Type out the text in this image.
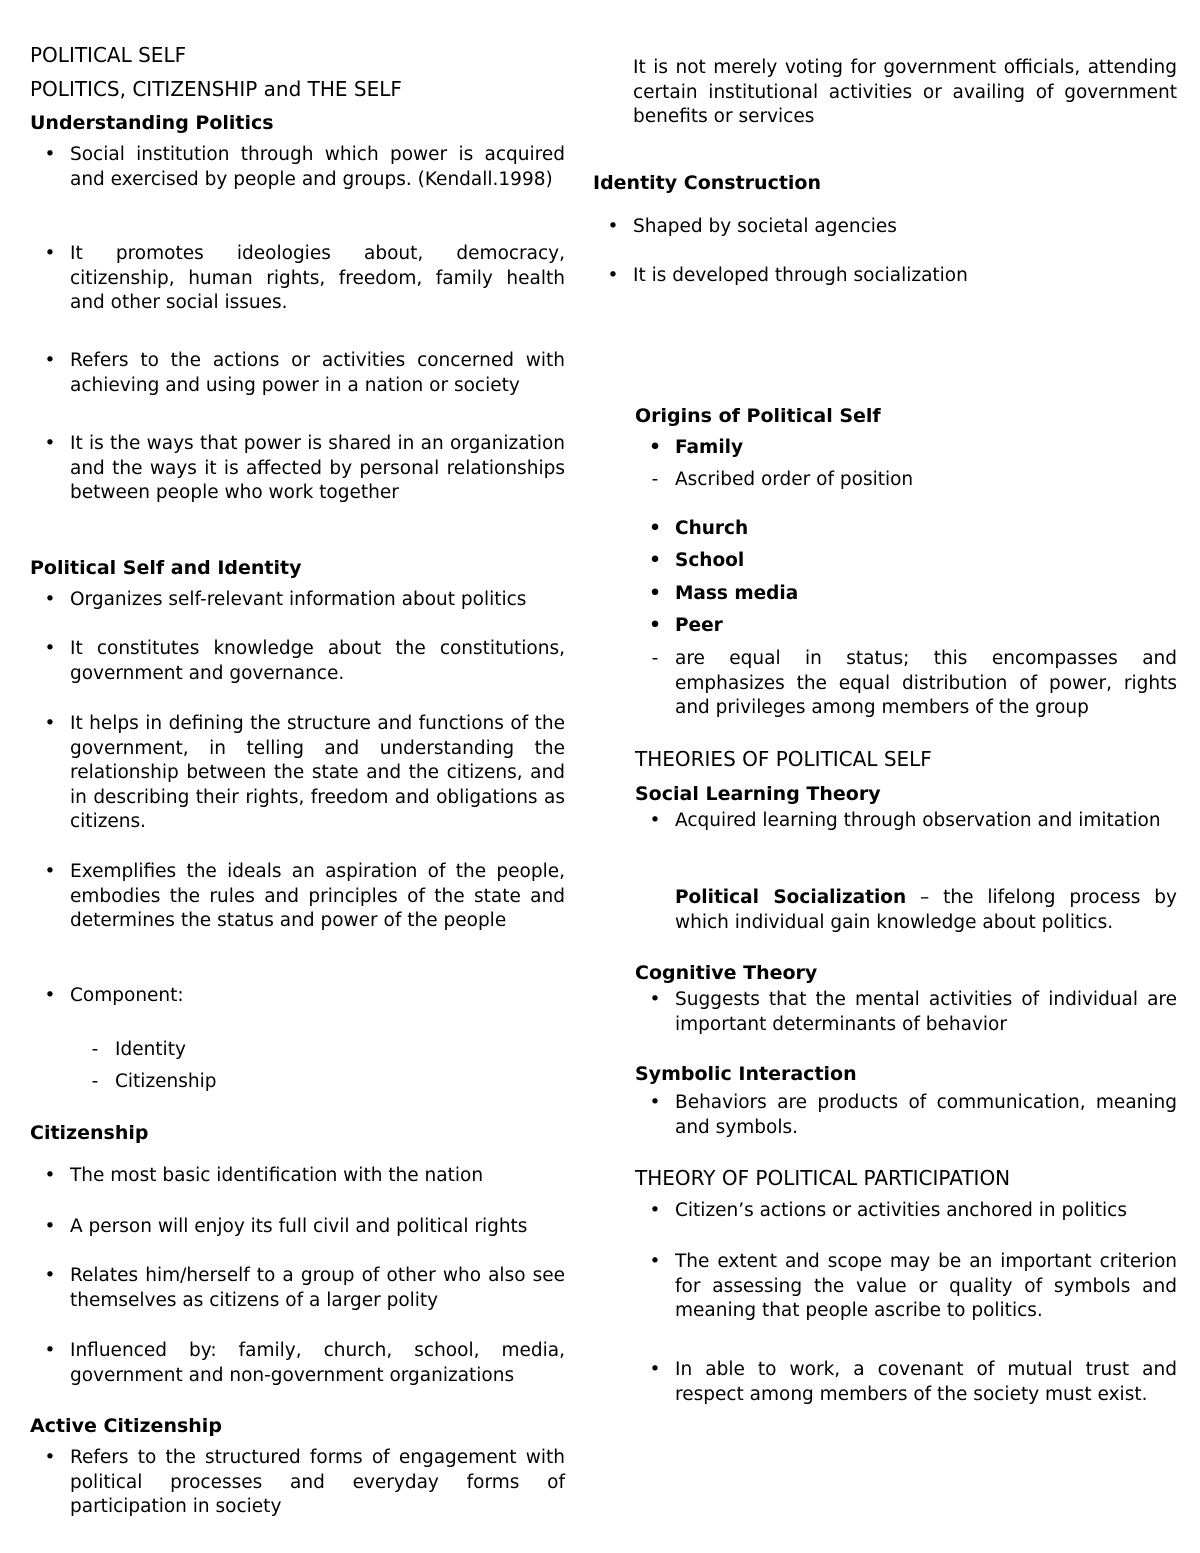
POLITICAL SELF
POLITICS, CITIZENSHIP and THE SELF
Understanding Politics
• Social institution through which power is acquired and exercised by people and groups. (Kendall.1998)
• It promotes ideologies about, democracy, citizenship, human rights, freedom, family health and other social issues.
• Refers to the actions or activities concerned with achieving and using power in a nation or society
• It is the ways that power is shared in an organization and the ways it is affected by personal relationships between people who work together
Political Self and Identity
• Organizes self-relevant information about politics
• It constitutes knowledge about the constitutions, government and governance.
• It helps in defining the structure and functions of the government, in telling and understanding the relationship between the state and the citizens, and in describing their rights, freedom and obligations as citizens.
• Exemplifies the ideals an aspiration of the people, embodies the rules and principles of the state and determines the status and power of the people
• Component:
- Identity
- Citizenship
Citizenship
• The most basic identification with the nation
• A person will enjoy its full civil and political rights
• Relates him/herself to a group of other who also see themselves as citizens of a larger polity
• Influenced by: family, church, school, media, government and non-government organizations
Active Citizenship
• Refers to the structured forms of engagement with political processes and everyday forms of participation in society
It is not merely voting for government officials, attending certain institutional activities or availing of government benefits or services
Identity Construction
• Shaped by societal agencies
• It is developed through socialization
Origins of Political Self
• Family
- Ascribed order of position
• Church
• School
• Mass media
• Peer
- are equal in status; this encompasses and emphasizes the equal distribution of power, rights and privileges among members of the group
THEORIES OF POLITICAL SELF
Social Learning Theory
• Acquired learning through observation and imitation
Political Socialization – the lifelong process by which individual gain knowledge about politics.
Cognitive Theory
• Suggests that the mental activities of individual are important determinants of behavior
Symbolic Interaction
• Behaviors are products of communication, meaning and symbols.
THEORY OF POLITICAL PARTICIPATION
• Citizen’s actions or activities anchored in politics
• The extent and scope may be an important criterion for assessing the value or quality of symbols and meaning that people ascribe to politics.
• In able to work, a covenant of mutual trust and respect among members of the society must exist.
